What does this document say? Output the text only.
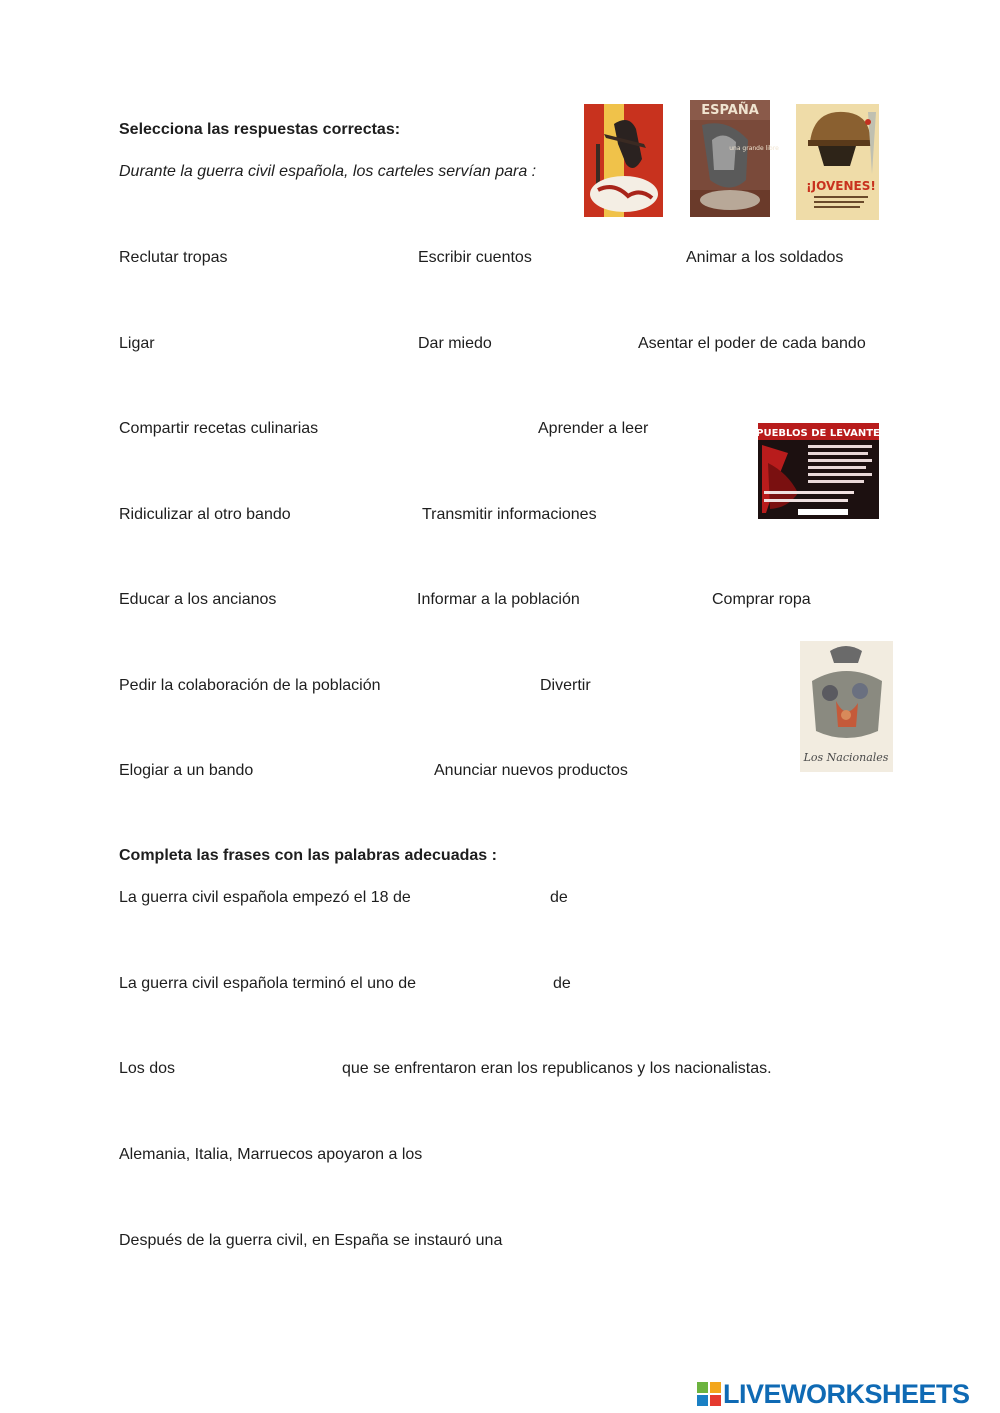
Selecciona las respuestas correctas:
Durante la guerra civil española, los carteles servían para :
ESPAÑA
una grande libre
¡JOVENES!
Reclutar tropas	Escribir cuentos	Animar a los soldados
Ligar	Dar miedo	Asentar el poder de cada bando
Compartir recetas culinarias	Aprender a leer	¡PUEBLOS DE LEVANTE!
Ridiculizar al otro bando	Transmitir informaciones
Educar a los ancianos	Informar a la población	Comprar ropa
Pedir la colaboración de la población	Divertir
Los Nacionales
Elogiar a un bando	Anunciar nuevos productos
Completa las frases con las palabras adecuadas :
La guerra civil española empezó el 18 de	de
La guerra civil española terminó el uno de	de
Los dos	que se enfrentaron eran los republicanos y los nacionalistas.
Alemania, Italia, Marruecos apoyaron a los
Después de la guerra civil, en España se instauró una
LIVEWORKSHEETS
